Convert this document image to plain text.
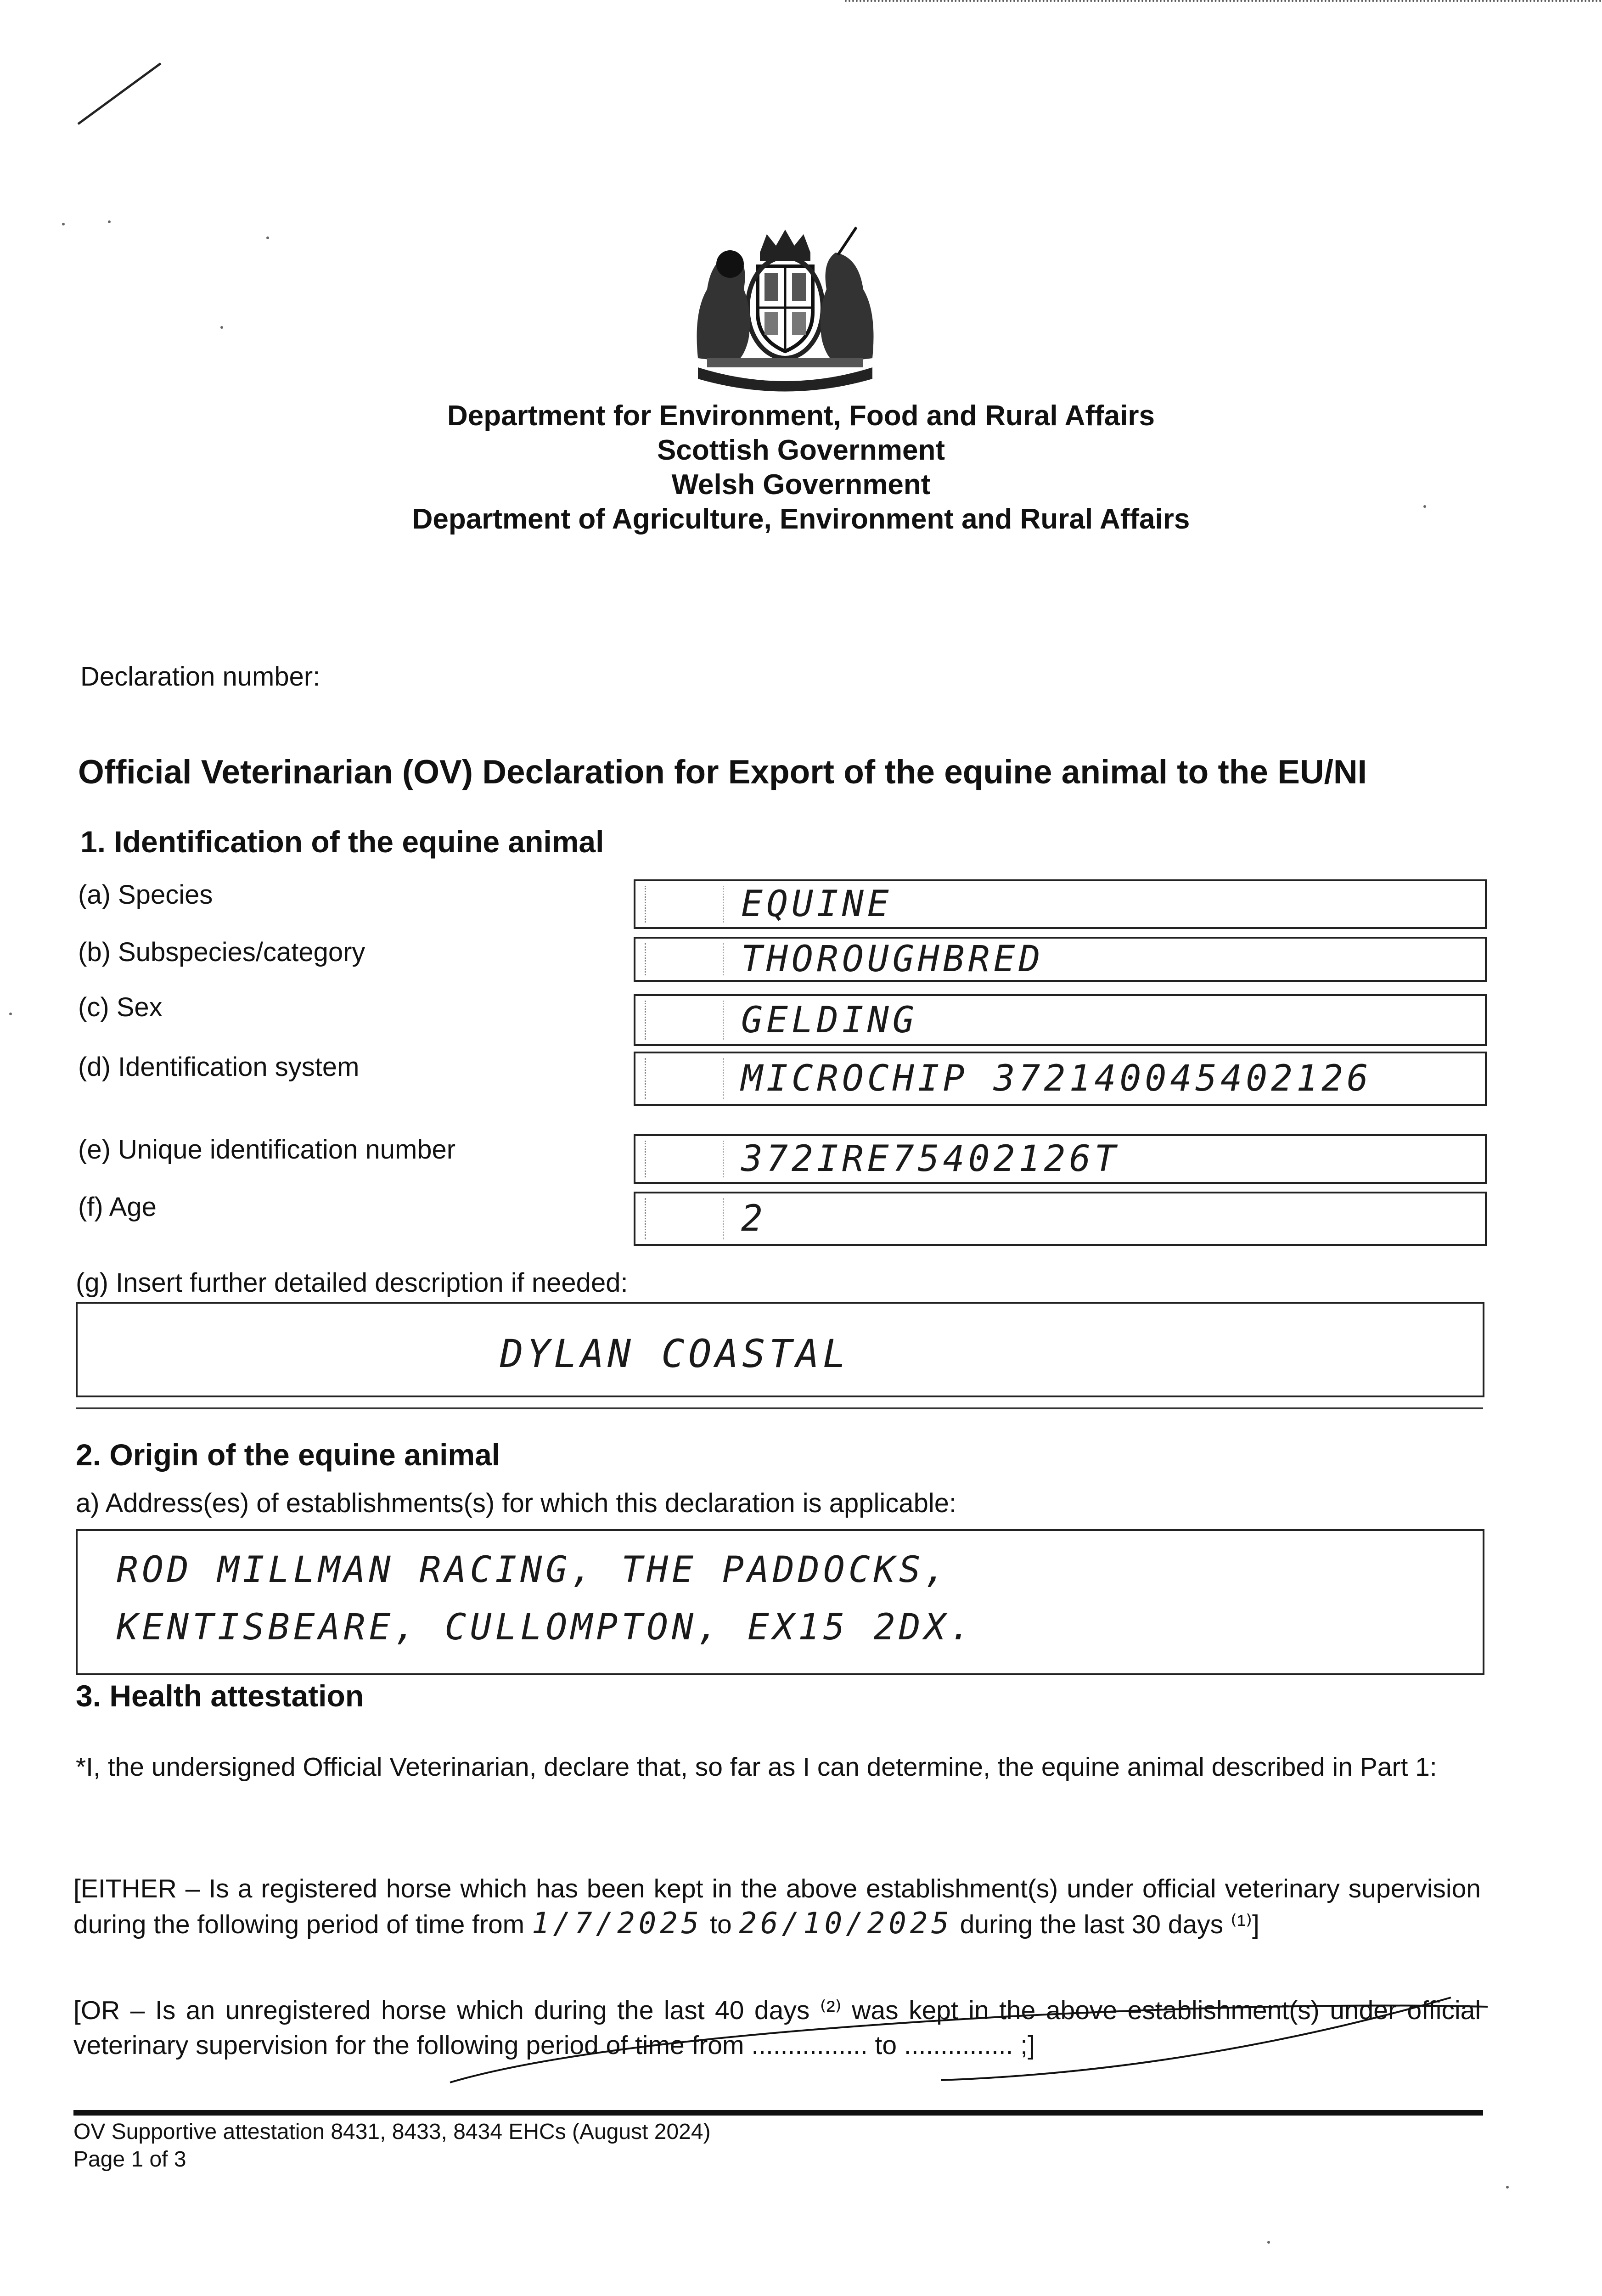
Department for Environment, Food and Rural Affairs
Scottish Government
Welsh Government
Department of Agriculture, Environment and Rural Affairs
Declaration number:
Official Veterinarian (OV) Declaration for Export of the equine animal to the EU/NI
1. Identification of the equine animal
(a) Species	EQUINE
(b) Subspecies/category	THOROUGHBRED
(c) Sex	GELDING
(d) Identification system	MICROCHIP 372140045402126
(e) Unique identification number	372IRE75402126T
(f) Age	2
(g) Insert further detailed description if needed:
DYLAN COASTAL
2. Origin of the equine animal
a) Address(es) of establishments(s) for which this declaration is applicable:
ROD MILLMAN RACING, THE PADDOCKS,
KENTISBEARE, CULLOMPTON, EX15 2DX.
3. Health attestation
*I, the undersigned Official Veterinarian, declare that, so far as I can determine, the equine animal described in Part 1:
[EITHER – Is a registered horse which has been kept in the above establishment(s) under official veterinary supervision during the following period of time from 1/7/2025 to 26/10/2025 during the last 30 days ⁽¹⁾]
[OR – Is an unregistered horse which during the last 40 days ⁽²⁾ was kept in the above establishment(s) under official veterinary supervision for the following period of time from ................ to ............... ;]
OV Supportive attestation 8431, 8433, 8434 EHCs (August 2024)
Page 1 of 3
